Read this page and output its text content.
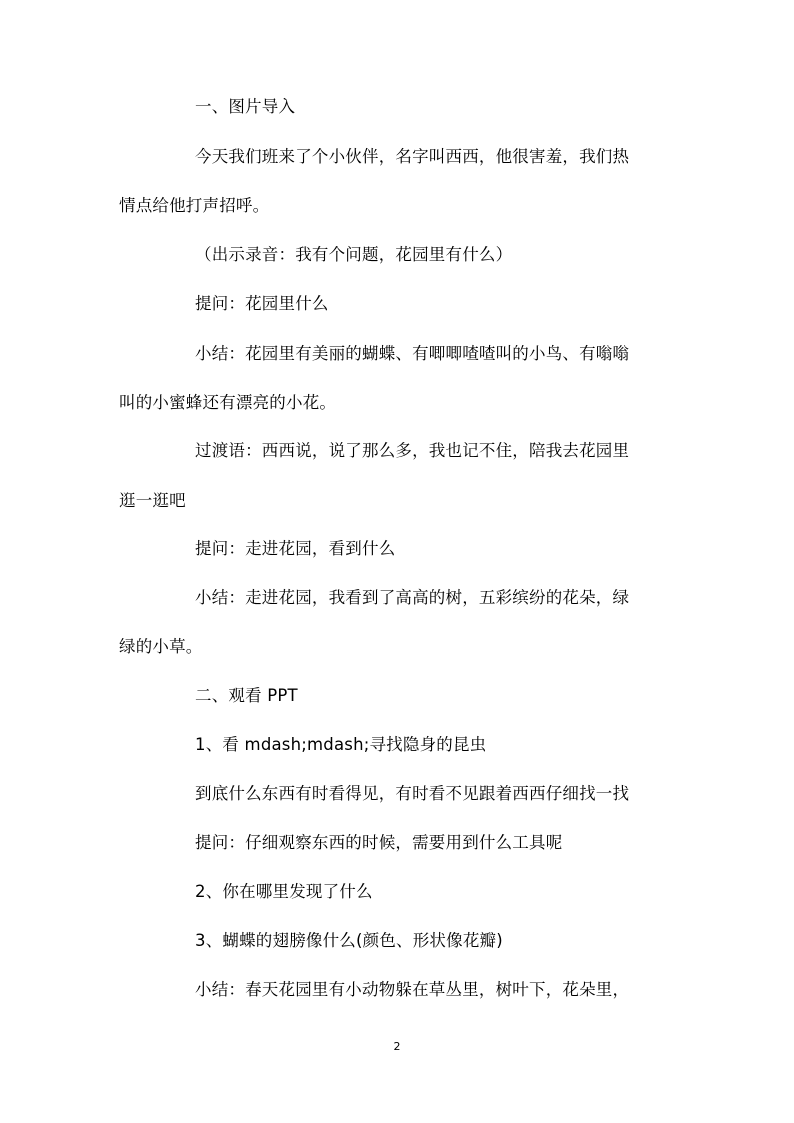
一、图片导入
今天我们班来了个小伙伴，名字叫西西，他很害羞，我们热
情点给他打声招呼。
（出示录音：我有个问题，花园里有什么）
提问：花园里什么
小结：花园里有美丽的蝴蝶、有唧唧喳喳叫的小鸟、有嗡嗡
叫的小蜜蜂还有漂亮的小花。
过渡语：西西说，说了那么多，我也记不住，陪我去花园里
逛一逛吧
提问：走进花园，看到什么
小结：走进花园，我看到了高高的树，五彩缤纷的花朵，绿
绿的小草。
二、观看 PPT
1、看 mdash;mdash;寻找隐身的昆虫
到底什么东西有时看得见，有时看不见跟着西西仔细找一找
提问：仔细观察东西的时候，需要用到什么工具呢
2、你在哪里发现了什么
3、蝴蝶的翅膀像什么(颜色、形状像花瓣)
小结：春天花园里有小动物躲在草丛里，树叶下，花朵里，
2
